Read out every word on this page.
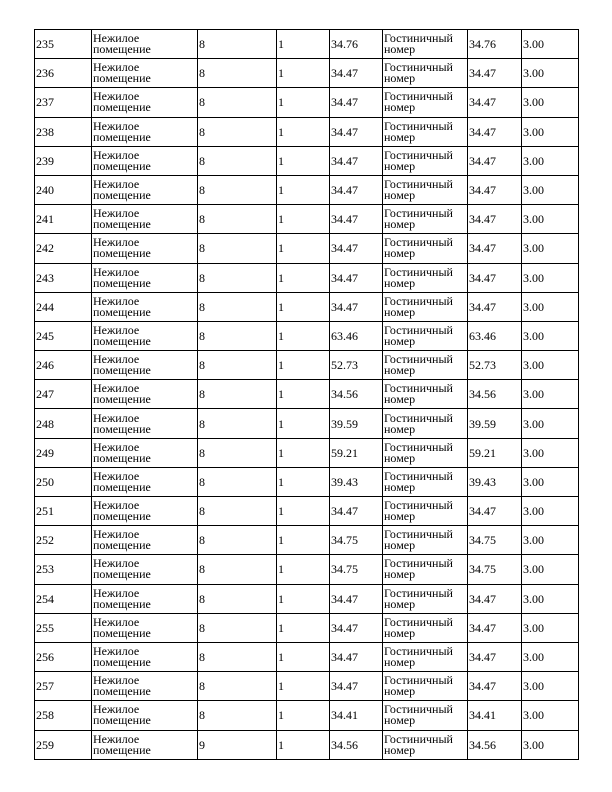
235	Нежилое
помещение	8	1	34.76	Гостиничный
номер	34.76	3.00
236	Нежилое
помещение	8	1	34.47	Гостиничный
номер	34.47	3.00
237	Нежилое
помещение	8	1	34.47	Гостиничный
номер	34.47	3.00
238	Нежилое
помещение	8	1	34.47	Гостиничный
номер	34.47	3.00
239	Нежилое
помещение	8	1	34.47	Гостиничный
номер	34.47	3.00
240	Нежилое
помещение	8	1	34.47	Гостиничный
номер	34.47	3.00
241	Нежилое
помещение	8	1	34.47	Гостиничный
номер	34.47	3.00
242	Нежилое
помещение	8	1	34.47	Гостиничный
номер	34.47	3.00
243	Нежилое
помещение	8	1	34.47	Гостиничный
номер	34.47	3.00
244	Нежилое
помещение	8	1	34.47	Гостиничный
номер	34.47	3.00
245	Нежилое
помещение	8	1	63.46	Гостиничный
номер	63.46	3.00
246	Нежилое
помещение	8	1	52.73	Гостиничный
номер	52.73	3.00
247	Нежилое
помещение	8	1	34.56	Гостиничный
номер	34.56	3.00
248	Нежилое
помещение	8	1	39.59	Гостиничный
номер	39.59	3.00
249	Нежилое
помещение	8	1	59.21	Гостиничный
номер	59.21	3.00
250	Нежилое
помещение	8	1	39.43	Гостиничный
номер	39.43	3.00
251	Нежилое
помещение	8	1	34.47	Гостиничный
номер	34.47	3.00
252	Нежилое
помещение	8	1	34.75	Гостиничный
номер	34.75	3.00
253	Нежилое
помещение	8	1	34.75	Гостиничный
номер	34.75	3.00
254	Нежилое
помещение	8	1	34.47	Гостиничный
номер	34.47	3.00
255	Нежилое
помещение	8	1	34.47	Гостиничный
номер	34.47	3.00
256	Нежилое
помещение	8	1	34.47	Гостиничный
номер	34.47	3.00
257	Нежилое
помещение	8	1	34.47	Гостиничный
номер	34.47	3.00
258	Нежилое
помещение	8	1	34.41	Гостиничный
номер	34.41	3.00
259	Нежилое
помещение	9	1	34.56	Гостиничный
номер	34.56	3.00
